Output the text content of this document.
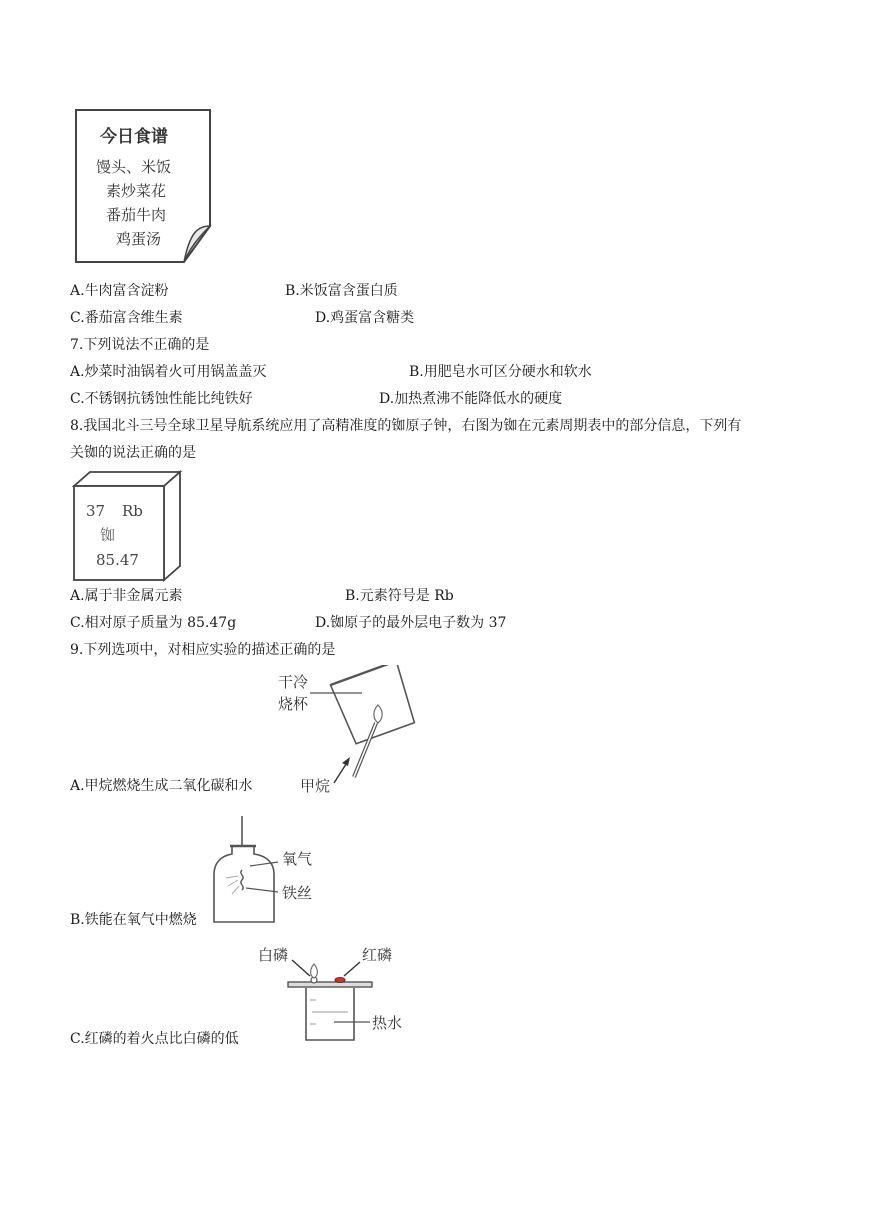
今日食谱
馒头、米饭
素炒菜花
番茄牛肉
鸡蛋汤
A.牛肉富含淀粉	B.米饭富含蛋白质
C.番茄富含维生素	D.鸡蛋富含糖类
7.下列说法不正确的是
A.炒菜时油锅着火可用锅盖盖灭	B.用肥皂水可区分硬水和软水
C.不锈钢抗锈蚀性能比纯铁好	D.加热煮沸不能降低水的硬度
8.我国北斗三号全球卫星导航系统应用了高精准度的铷原子钟，右图为铷在元素周期表中的部分信息，下列有
关铷的说法正确的是
37 Rb
铷
85.47
A.属于非金属元素	B.元素符号是 Rb
C.相对原子质量为 85.47g	D.铷原子的最外层电子数为 37
9.下列选项中，对相应实验的描述正确的是
干冷
烧杯
甲烷
A.甲烷燃烧生成二氧化碳和水
氧气
铁丝
B.铁能在氧气中燃烧
白磷	红磷
热水
C.红磷的着火点比白磷的低
